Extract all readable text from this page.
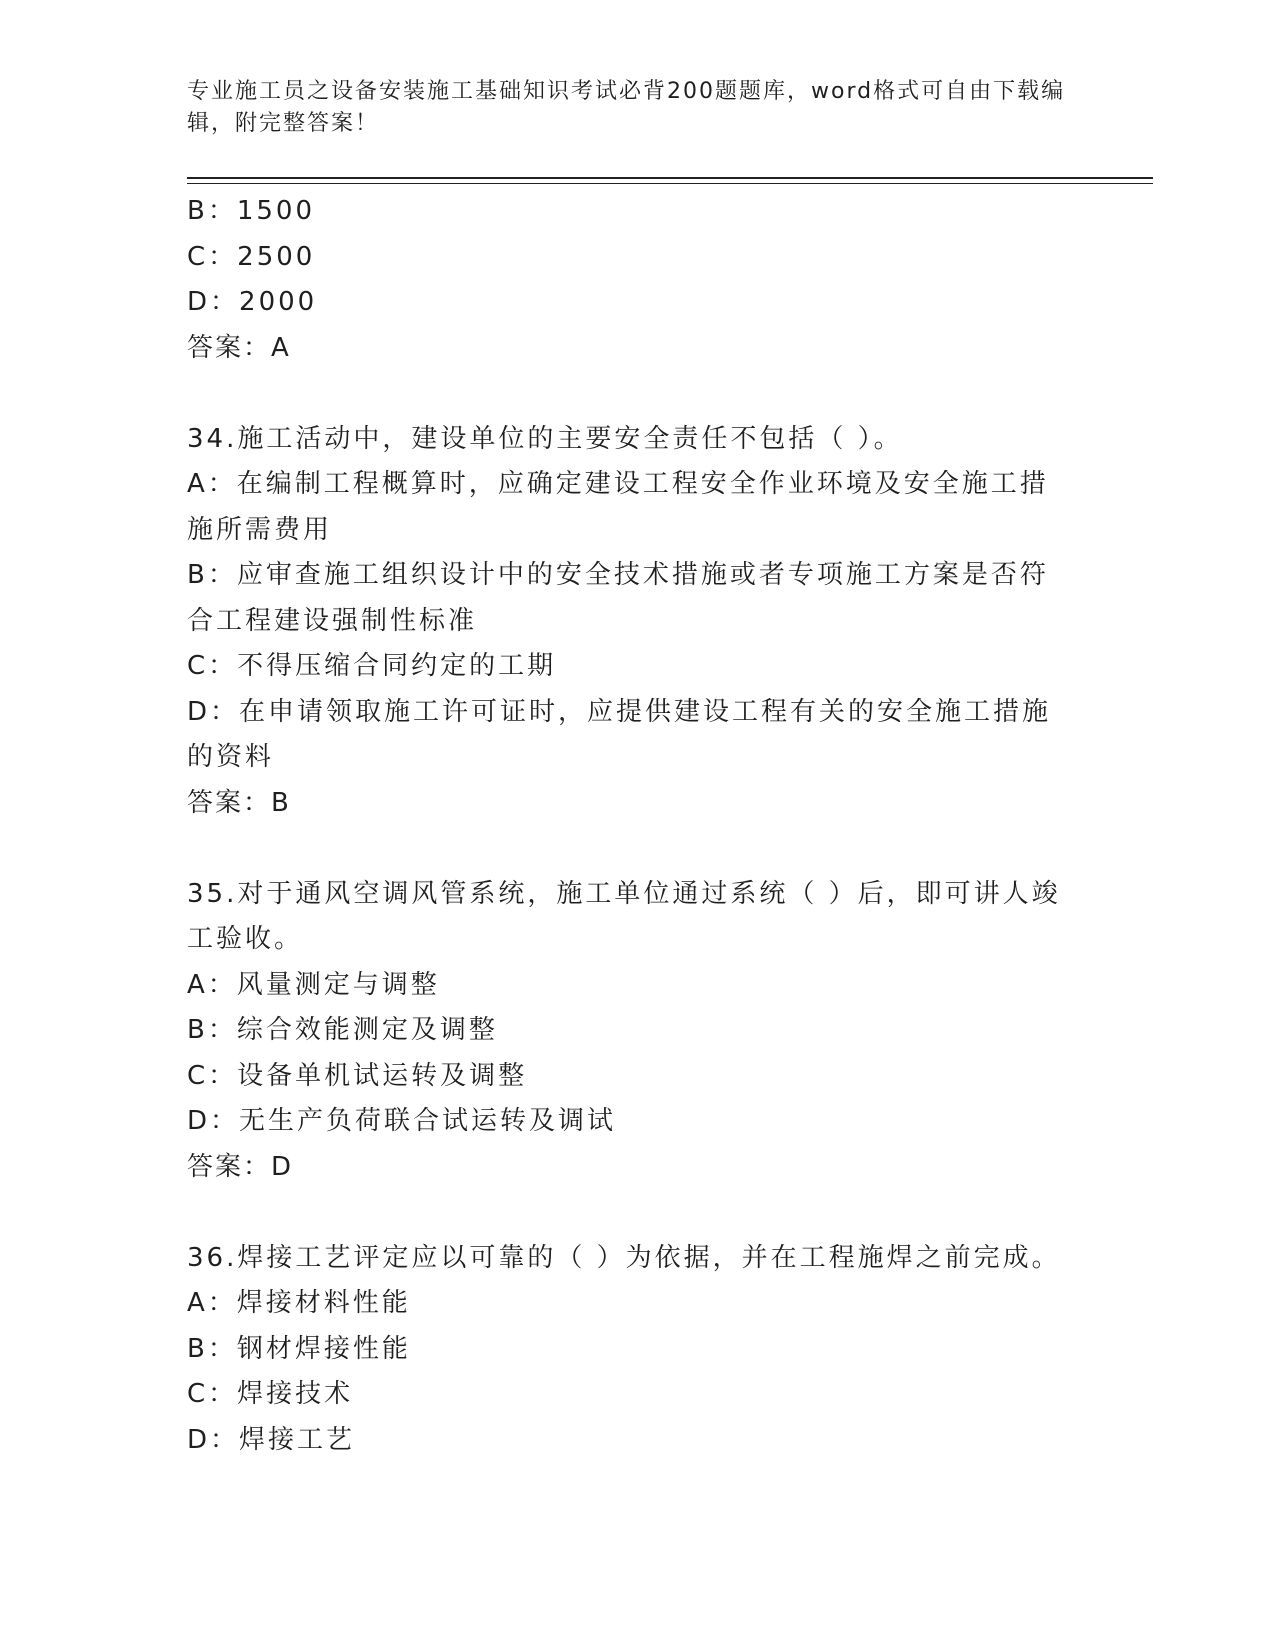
专业施工员之设备安装施工基础知识考试必背200题题库，word格式可自由下载编辑，附完整答案！
B：1500
C：2500
D：2000
答案：A
34.施工活动中，建设单位的主要安全责任不包括（ ）。
A：在编制工程概算时，应确定建设工程安全作业环境及安全施工措施所需费用
B：应审查施工组织设计中的安全技术措施或者专项施工方案是否符合工程建设强制性标准
C：不得压缩合同约定的工期
D：在申请领取施工许可证时，应提供建设工程有关的安全施工措施的资料
答案：B
35.对于通风空调风管系统，施工单位通过系统（ ）后，即可讲人竣工验收。
A：风量测定与调整
B：综合效能测定及调整
C：设备单机试运转及调整
D：无生产负荷联合试运转及调试
答案：D
36.焊接工艺评定应以可靠的（ ）为依据，并在工程施焊之前完成。
A：焊接材料性能
B：钢材焊接性能
C：焊接技术
D：焊接工艺
